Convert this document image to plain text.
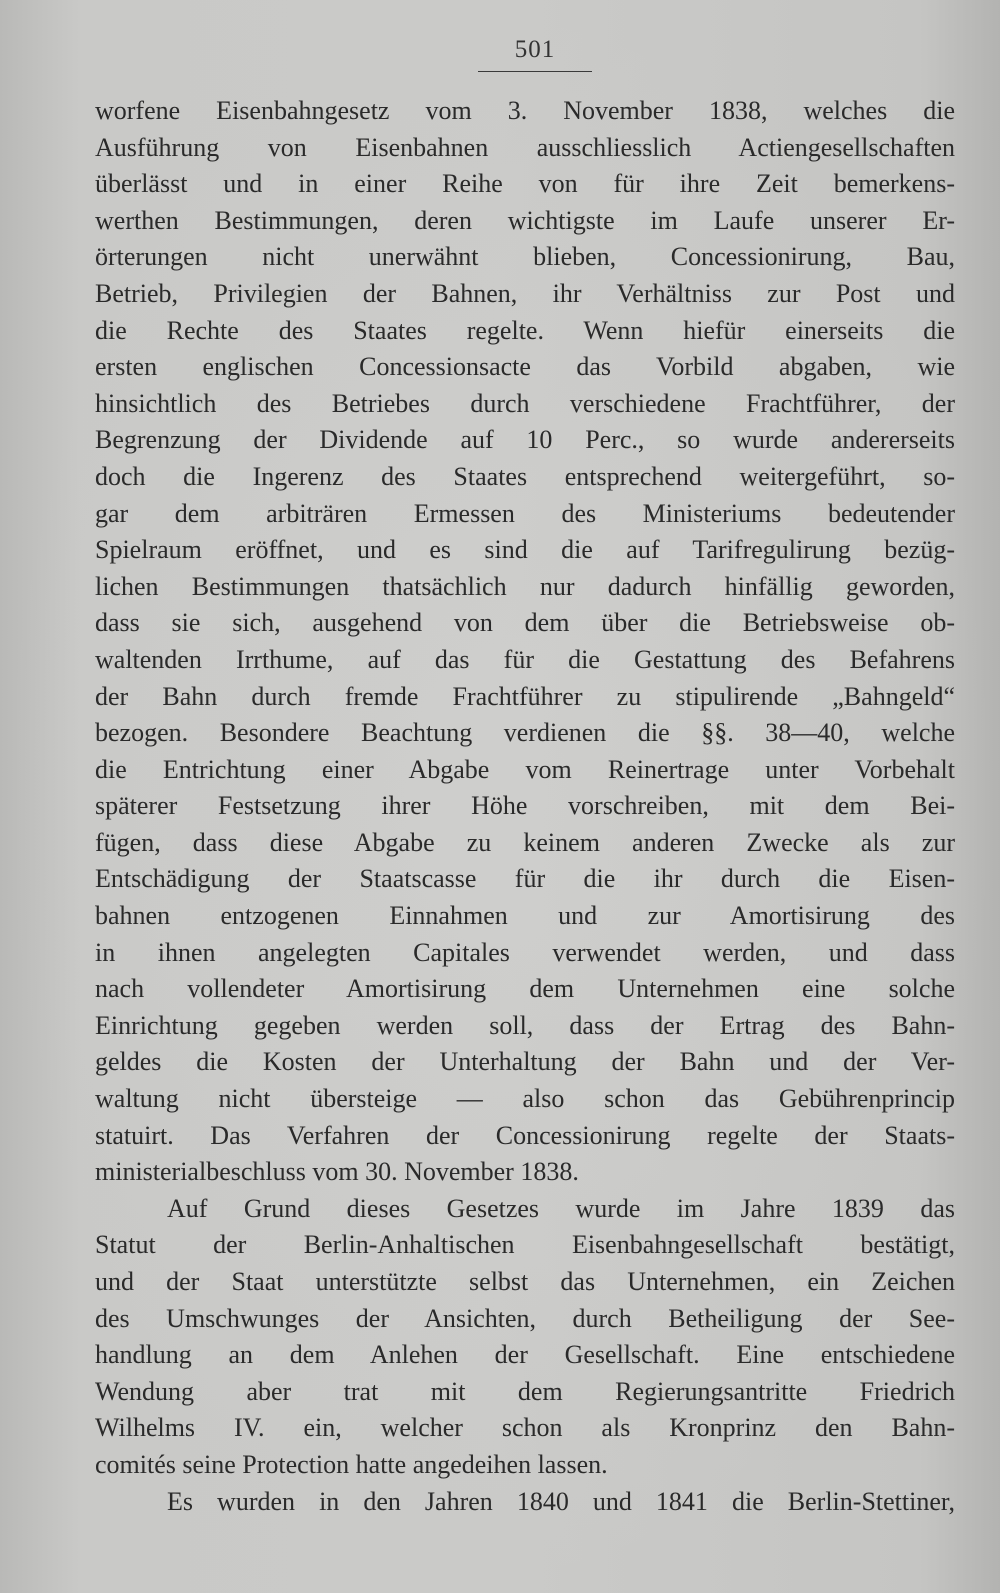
501
worfene Eisenbahngesetz vom 3. November 1838, welches die
Ausführung von Eisenbahnen ausschliesslich Actiengesellschaften
überlässt und in einer Reihe von für ihre Zeit bemerkens-
werthen Bestimmungen, deren wichtigste im Laufe unserer Er-
örterungen nicht unerwähnt blieben, Concessionirung, Bau,
Betrieb, Privilegien der Bahnen, ihr Verhältniss zur Post und
die Rechte des Staates regelte. Wenn hiefür einerseits die
ersten englischen Concessionsacte das Vorbild abgaben, wie
hinsichtlich des Betriebes durch verschiedene Frachtführer, der
Begrenzung der Dividende auf 10 Perc., so wurde andererseits
doch die Ingerenz des Staates entsprechend weitergeführt, so-
gar dem arbiträren Ermessen des Ministeriums bedeutender
Spielraum eröffnet, und es sind die auf Tarifregulirung bezüg-
lichen Bestimmungen thatsächlich nur dadurch hinfällig geworden,
dass sie sich, ausgehend von dem über die Betriebsweise ob-
waltenden Irrthume, auf das für die Gestattung des Befahrens
der Bahn durch fremde Frachtführer zu stipulirende „Bahngeld“
bezogen. Besondere Beachtung verdienen die §§. 38—40, welche
die Entrichtung einer Abgabe vom Reinertrage unter Vorbehalt
späterer Festsetzung ihrer Höhe vorschreiben, mit dem Bei-
fügen, dass diese Abgabe zu keinem anderen Zwecke als zur
Entschädigung der Staatscasse für die ihr durch die Eisen-
bahnen entzogenen Einnahmen und zur Amortisirung des
in ihnen angelegten Capitales verwendet werden, und dass
nach vollendeter Amortisirung dem Unternehmen eine solche
Einrichtung gegeben werden soll, dass der Ertrag des Bahn-
geldes die Kosten der Unterhaltung der Bahn und der Ver-
waltung nicht übersteige — also schon das Gebührenprincip
statuirt. Das Verfahren der Concessionirung regelte der Staats-
ministerialbeschluss vom 30. November 1838.
Auf Grund dieses Gesetzes wurde im Jahre 1839 das
Statut der Berlin-Anhaltischen Eisenbahngesellschaft bestätigt,
und der Staat unterstützte selbst das Unternehmen, ein Zeichen
des Umschwunges der Ansichten, durch Betheiligung der See-
handlung an dem Anlehen der Gesellschaft. Eine entschiedene
Wendung aber trat mit dem Regierungsantritte Friedrich
Wilhelms IV. ein, welcher schon als Kronprinz den Bahn-
comités seine Protection hatte angedeihen lassen.
Es wurden in den Jahren 1840 und 1841 die Berlin-Stettiner,
